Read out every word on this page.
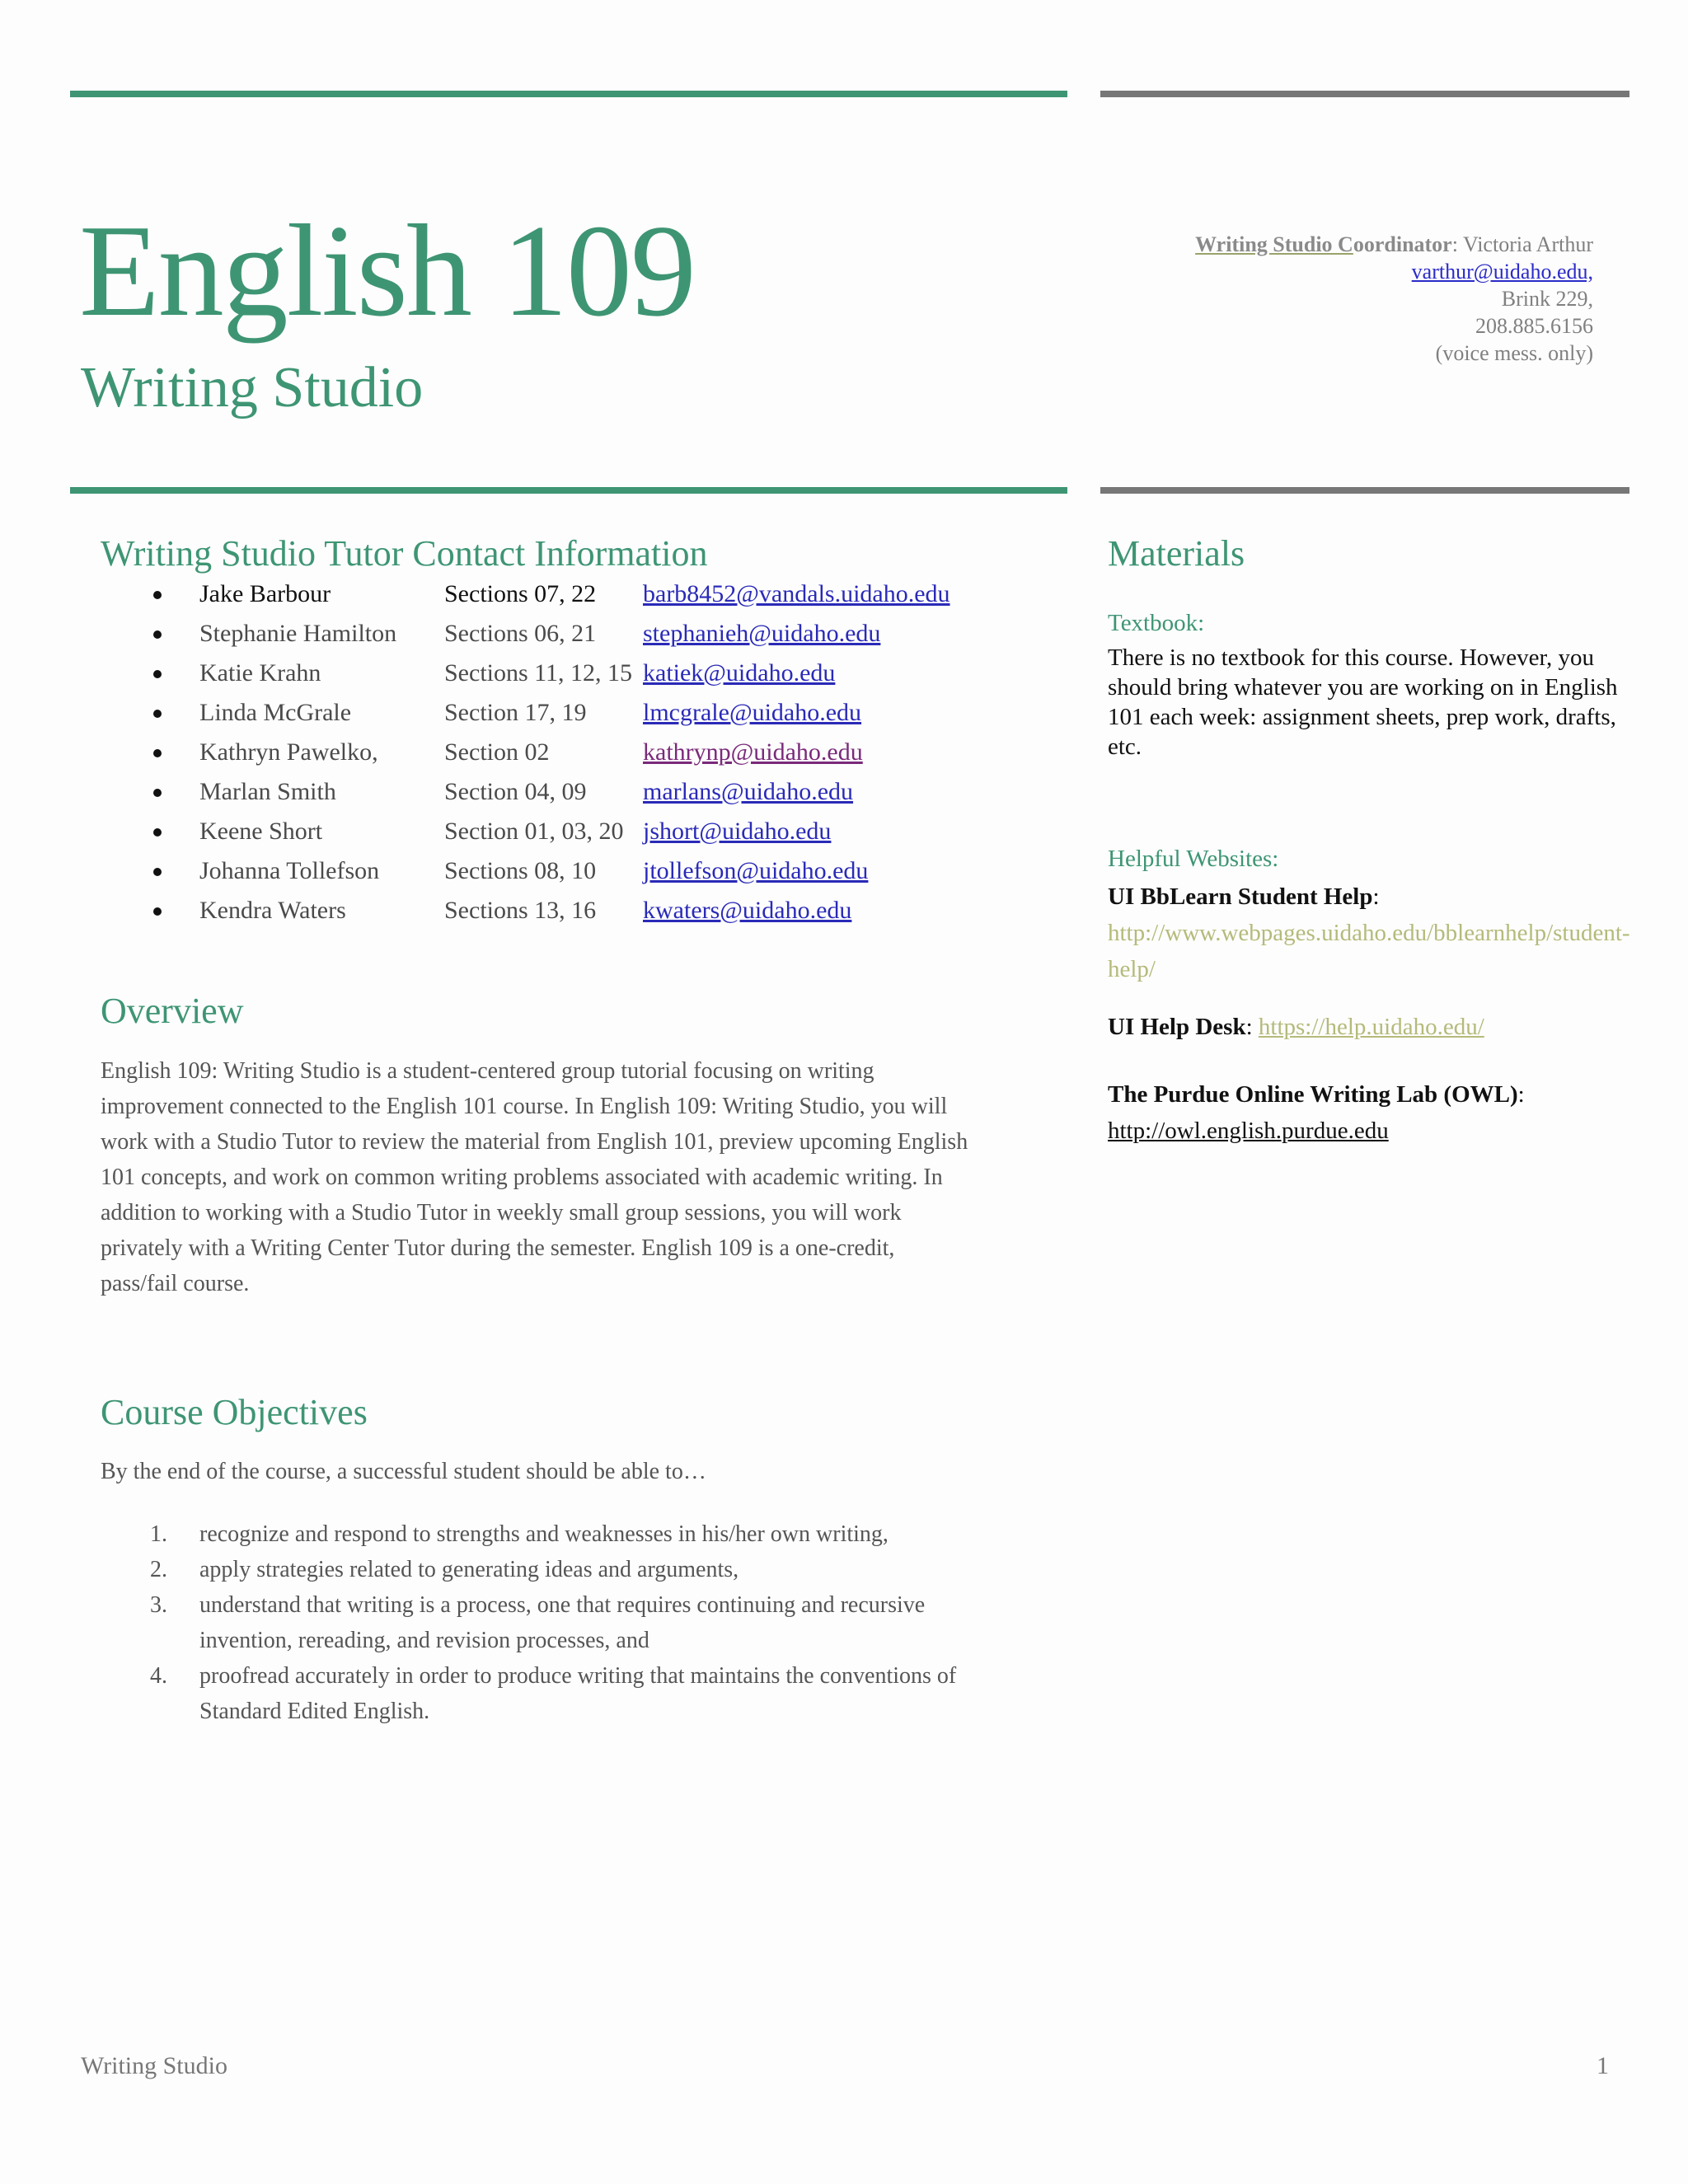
English 109
Writing Studio
Writing Studio Coordinator: Victoria Arthur
varthur@uidaho.edu,
Brink 229,
208.885.6156
(voice mess. only)
Writing Studio Tutor Contact Information
Jake Barbour	Sections 07, 22 barb8452@vandals.uidaho.edu
Stephanie Hamilton Sections 06, 21 stephanieh@uidaho.edu
Katie Krahn	Sections 11, 12, 15 katiek@uidaho.edu
Linda McGrale	Section 17, 19 lmcgrale@uidaho.edu
Kathryn Pawelko,	Section 02	kathrynp@uidaho.edu
Marlan Smith	Section 04, 09 marlans@uidaho.edu
Keene Short	Section 01, 03, 20 jshort@uidaho.edu
Johanna Tollefson	Sections 08, 10 jtollefson@uidaho.edu
Kendra Waters	Sections 13, 16 kwaters@uidaho.edu
Overview
English 109: Writing Studio is a student-centered group tutorial focusing on writing improvement connected to the English 101 course. In English 109: Writing Studio, you will work with a Studio Tutor to review the material from English 101, preview upcoming English 101 concepts, and work on common writing problems associated with academic writing. In addition to working with a Studio Tutor in weekly small group sessions, you will work privately with a Writing Center Tutor during the semester. English 109 is a one-credit, pass/fail course.
Course Objectives
By the end of the course, a successful student should be able to…
1. recognize and respond to strengths and weaknesses in his/her own writing,
2. apply strategies related to generating ideas and arguments,
3. understand that writing is a process, one that requires continuing and recursive invention, rereading, and revision processes, and
4. proofread accurately in order to produce writing that maintains the conventions of Standard Edited English.
Materials
Textbook:
There is no textbook for this course. However, you should bring whatever you are working on in English 101 each week: assignment sheets, prep work, drafts, etc.
Helpful Websites:
UI BbLearn Student Help:
http://www.webpages.uidaho.edu/bblearnhelp/student- help/
UI Help Desk: https://help.uidaho.edu/
The Purdue Online Writing Lab (OWL):
http://owl.english.purdue.edu
Writing Studio	1
